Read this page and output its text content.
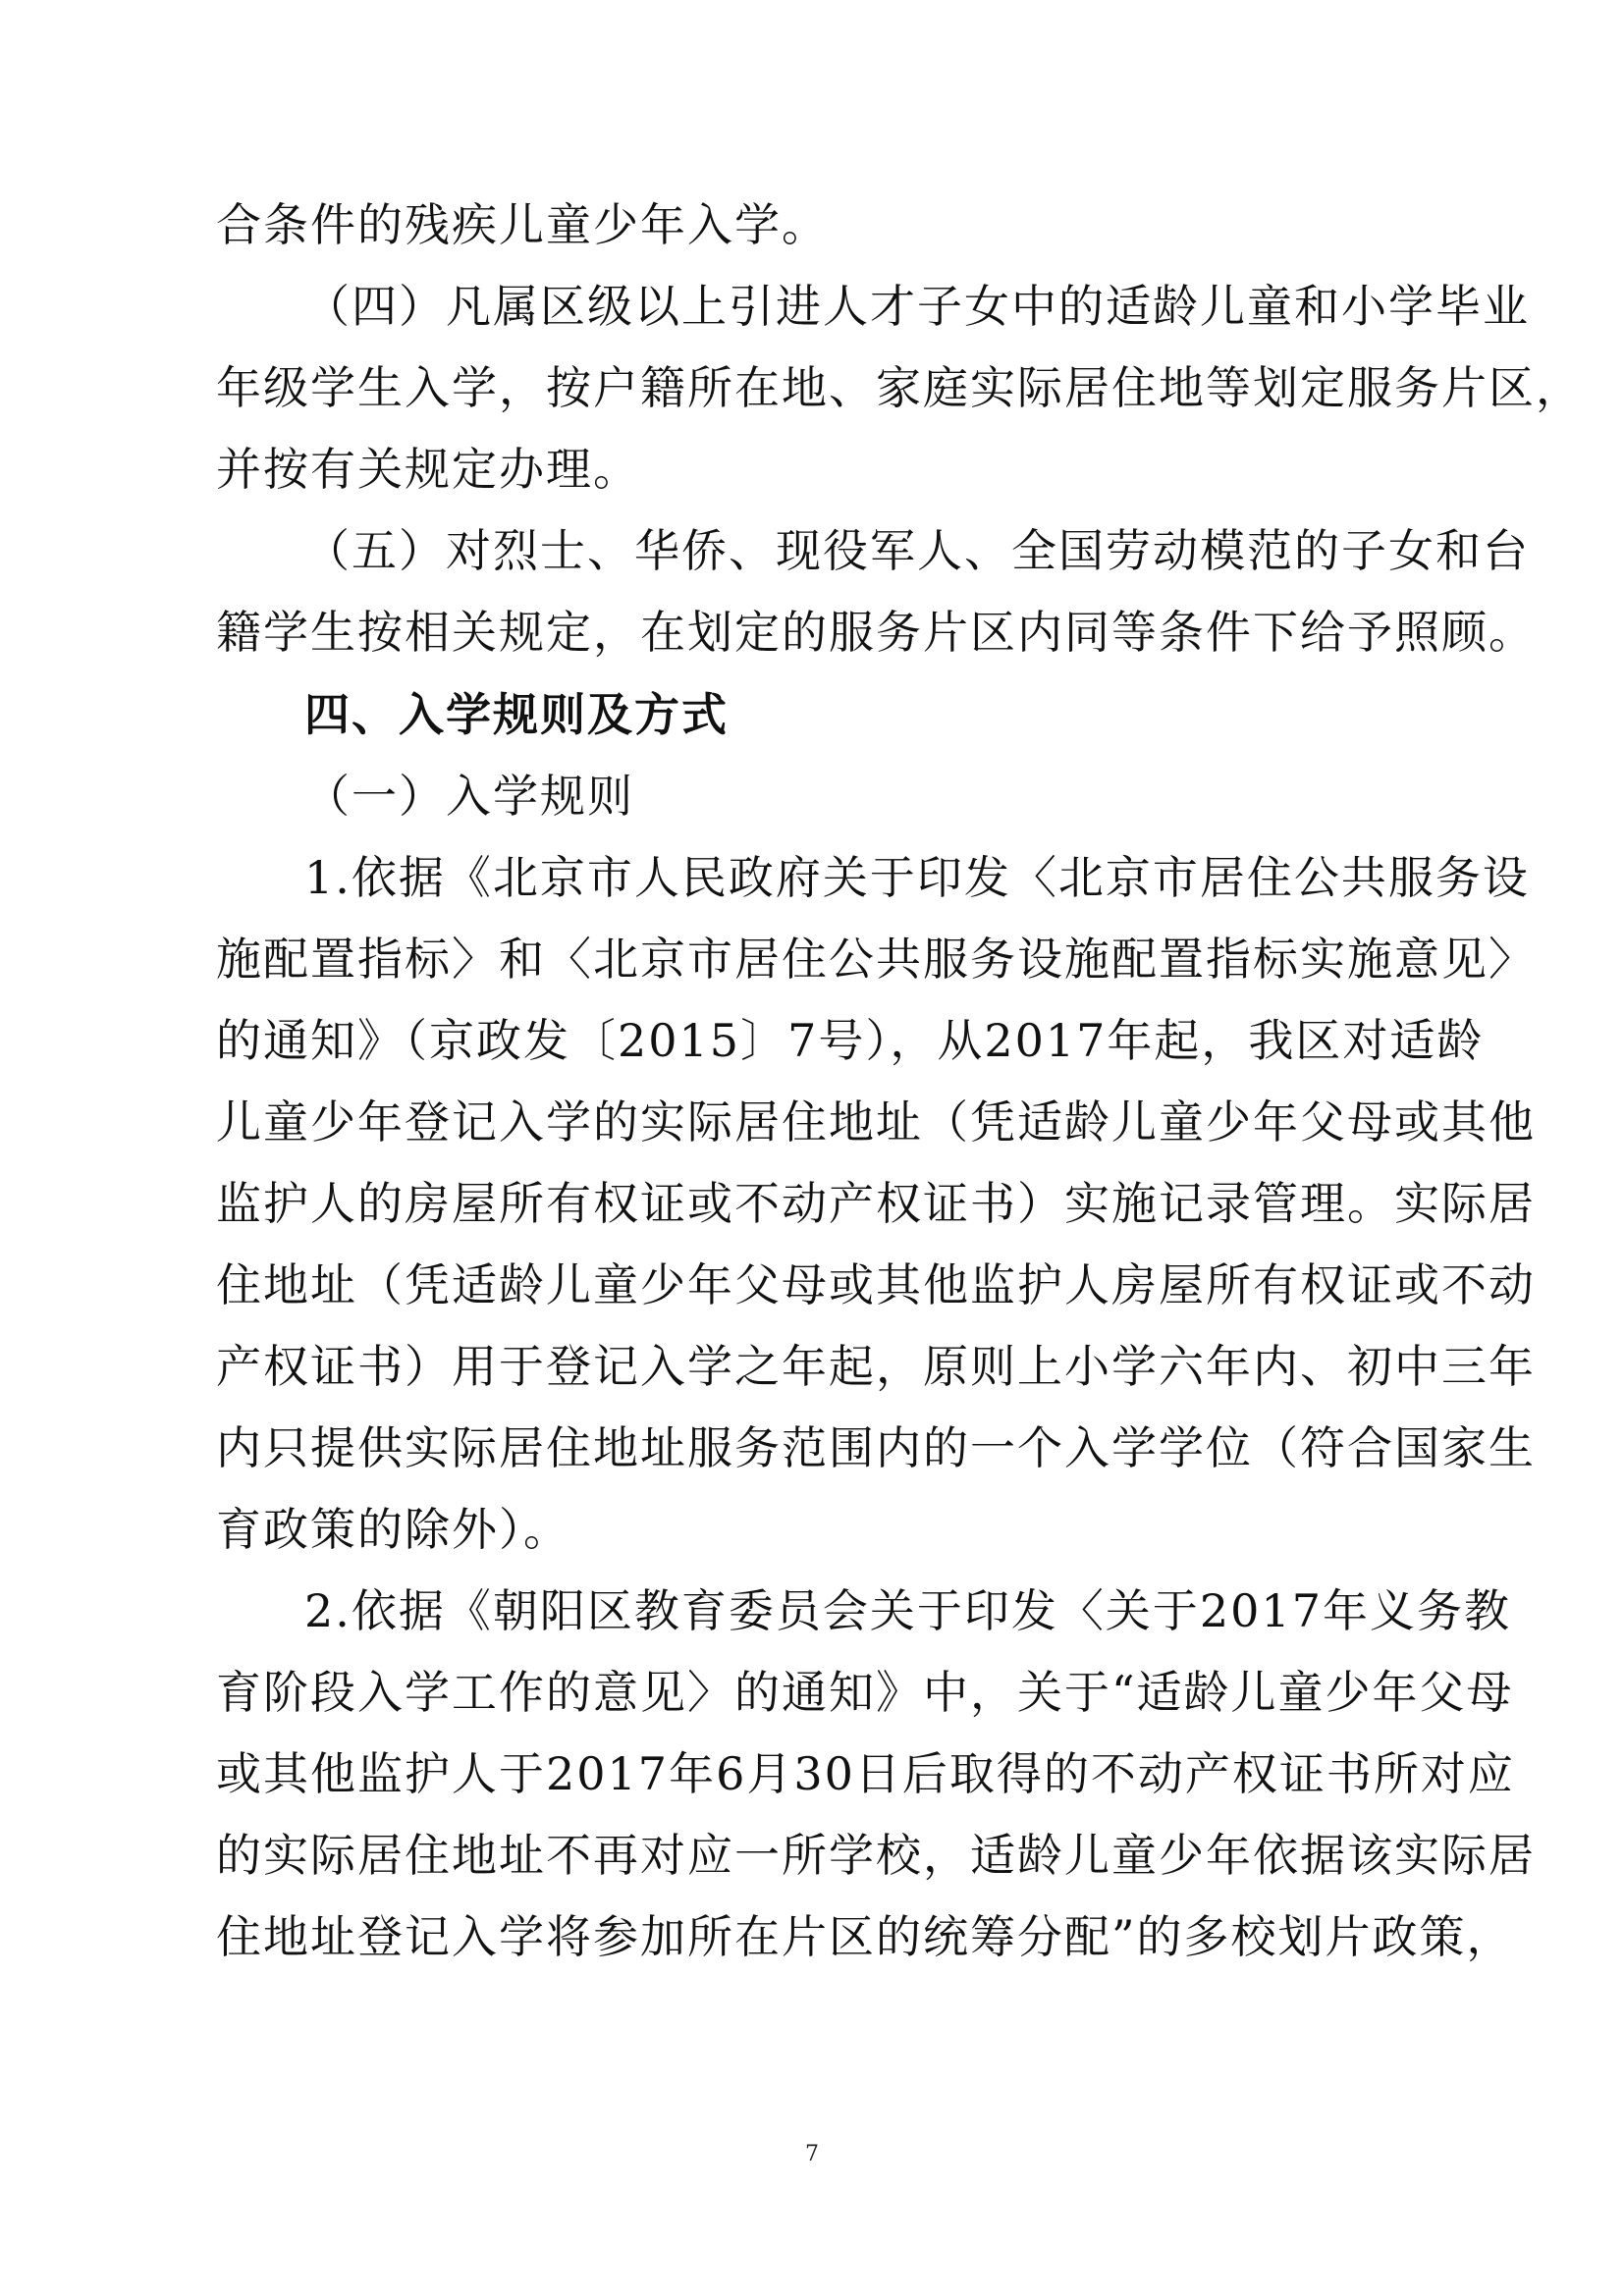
合条件的残疾儿童少年入学。
（四）凡属区级以上引进人才子女中的适龄儿童和小学毕业
年级学生入学，按户籍所在地、家庭实际居住地等划定服务片区，
并按有关规定办理。
（五）对烈士、华侨、现役军人、全国劳动模范的子女和台
籍学生按相关规定，在划定的服务片区内同等条件下给予照顾。
四、入学规则及方式
（一）入学规则
1.依据《北京市人民政府关于印发〈北京市居住公共服务设
施配置指标〉和〈北京市居住公共服务设施配置指标实施意见〉
的通知》（京政发〔2015〕7号），从2017年起，我区对适龄
儿童少年登记入学的实际居住地址（凭适龄儿童少年父母或其他
监护人的房屋所有权证或不动产权证书）实施记录管理。实际居
住地址（凭适龄儿童少年父母或其他监护人房屋所有权证或不动
产权证书）用于登记入学之年起，原则上小学六年内、初中三年
内只提供实际居住地址服务范围内的一个入学学位（符合国家生
育政策的除外）。
2.依据《朝阳区教育委员会关于印发〈关于2017年义务教
育阶段入学工作的意见〉的通知》中，关于“适龄儿童少年父母
或其他监护人于2017年6月30日后取得的不动产权证书所对应
的实际居住地址不再对应一所学校，适龄儿童少年依据该实际居
住地址登记入学将参加所在片区的统筹分配”的多校划片政策，
7
